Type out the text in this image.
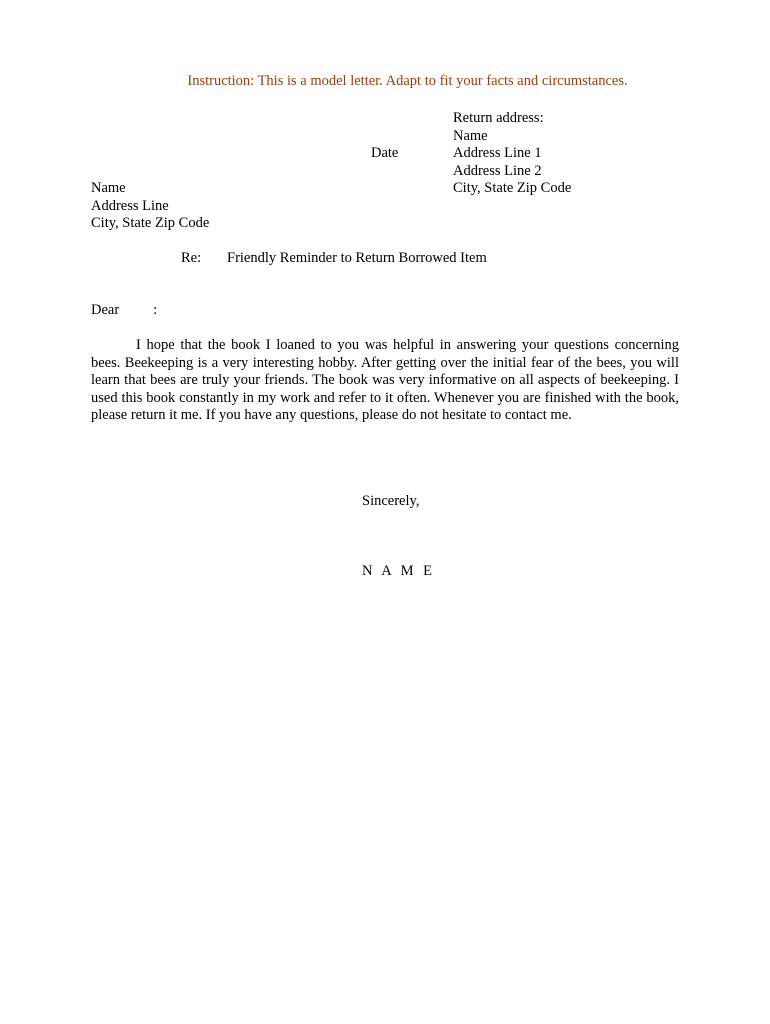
Instruction: This is a model letter. Adapt to fit your facts and circumstances.
Return address:
Name
Address Line 1
Address Line 2
City, State Zip Code
Date
Name
Address Line
City, State Zip Code
Re: Friendly Reminder to Return Borrowed Item
Dear :
I hope that the book I loaned to you was helpful in answering your questions concerning bees. Beekeeping is a very interesting hobby. After getting over the initial fear of the bees, you will learn that bees are truly your friends. The book was very informative on all aspects of beekeeping. I used this book constantly in my work and refer to it often. Whenever you are finished with the book, please return it me. If you have any questions, please do not hesitate to contact me.
Sincerely,
N A M E
